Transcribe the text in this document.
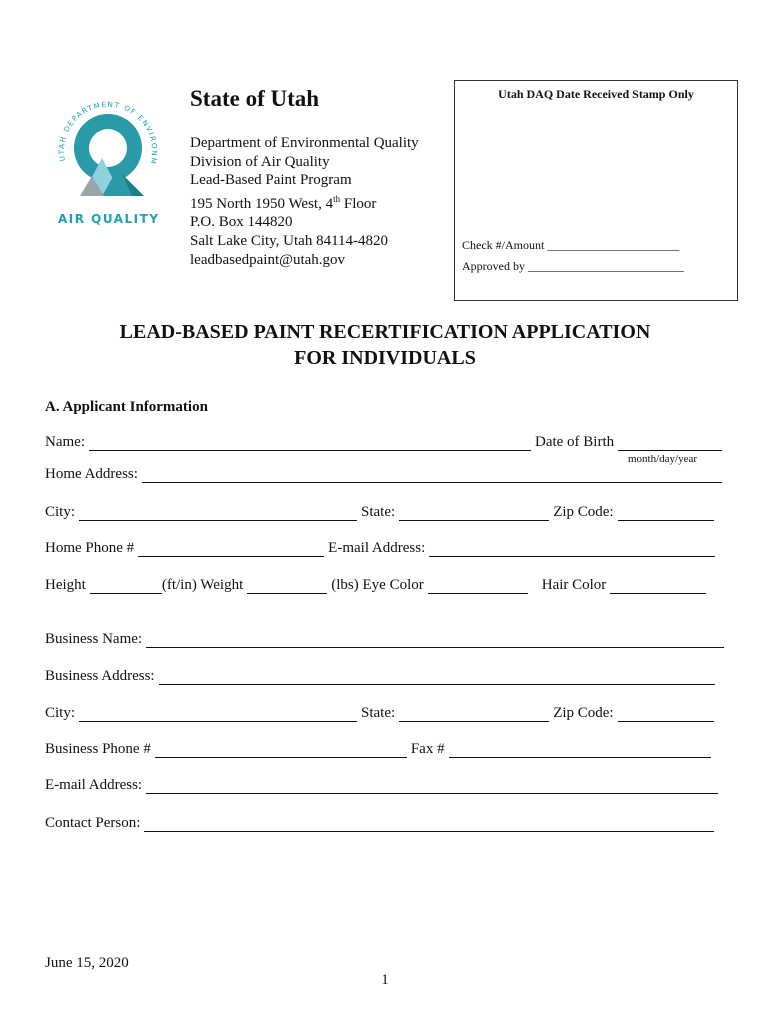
UTAH DEPARTMENT OF ENVIRONM
AIR QUALITY
State of Utah
Department of Environmental Quality
Division of Air Quality
Lead-Based Paint Program
195 North 1950 West, 4th Floor
P.O. Box 144820
Salt Lake City, Utah 84114-4820
leadbasedpaint@utah.gov
Utah DAQ Date Received Stamp Only
Check #/Amount ______________________
Approved by __________________________
LEAD-BASED PAINT RECERTIFICATION APPLICATION
FOR INDIVIDUALS
A. Applicant Information
Name:	Date of Birth
month/day/year
Home Address:
City:	State:	Zip Code:
Home Phone #	E-mail Address:
Height	(ft/in) Weight	(lbs) Eye Color	Hair Color
Business Name:
Business Address:
City:	State:	Zip Code:
Business Phone #	Fax #
E-mail Address:
Contact Person:
June 15, 2020
1
